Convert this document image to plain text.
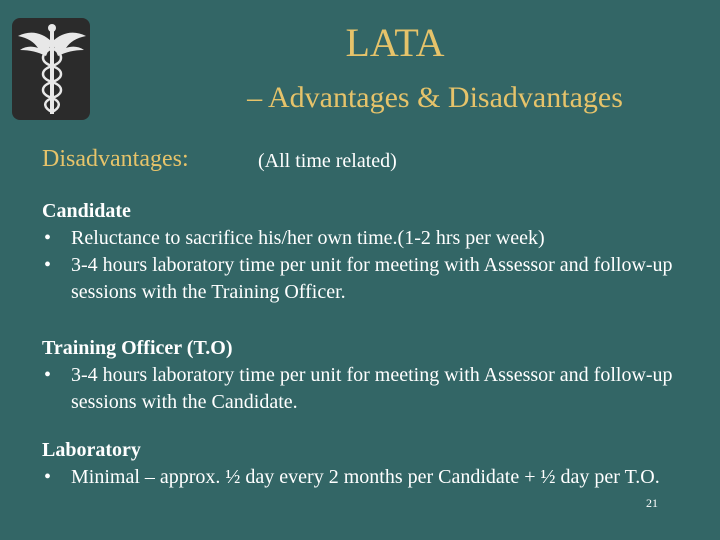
LATA
– Advantages & Disadvantages
Disadvantages:	(All time related)
Candidate
• Reluctance to sacrifice his/her own time.(1-2 hrs per week)
• 3-4 hours laboratory time per unit for meeting with Assessor and follow-up sessions with the Training Officer.
Training Officer (T.O)
• 3-4 hours laboratory time per unit for meeting with Assessor and follow-up sessions with the Candidate.
Laboratory
• Minimal – approx. ½ day every 2 months per Candidate + ½ day per T.O.
21
